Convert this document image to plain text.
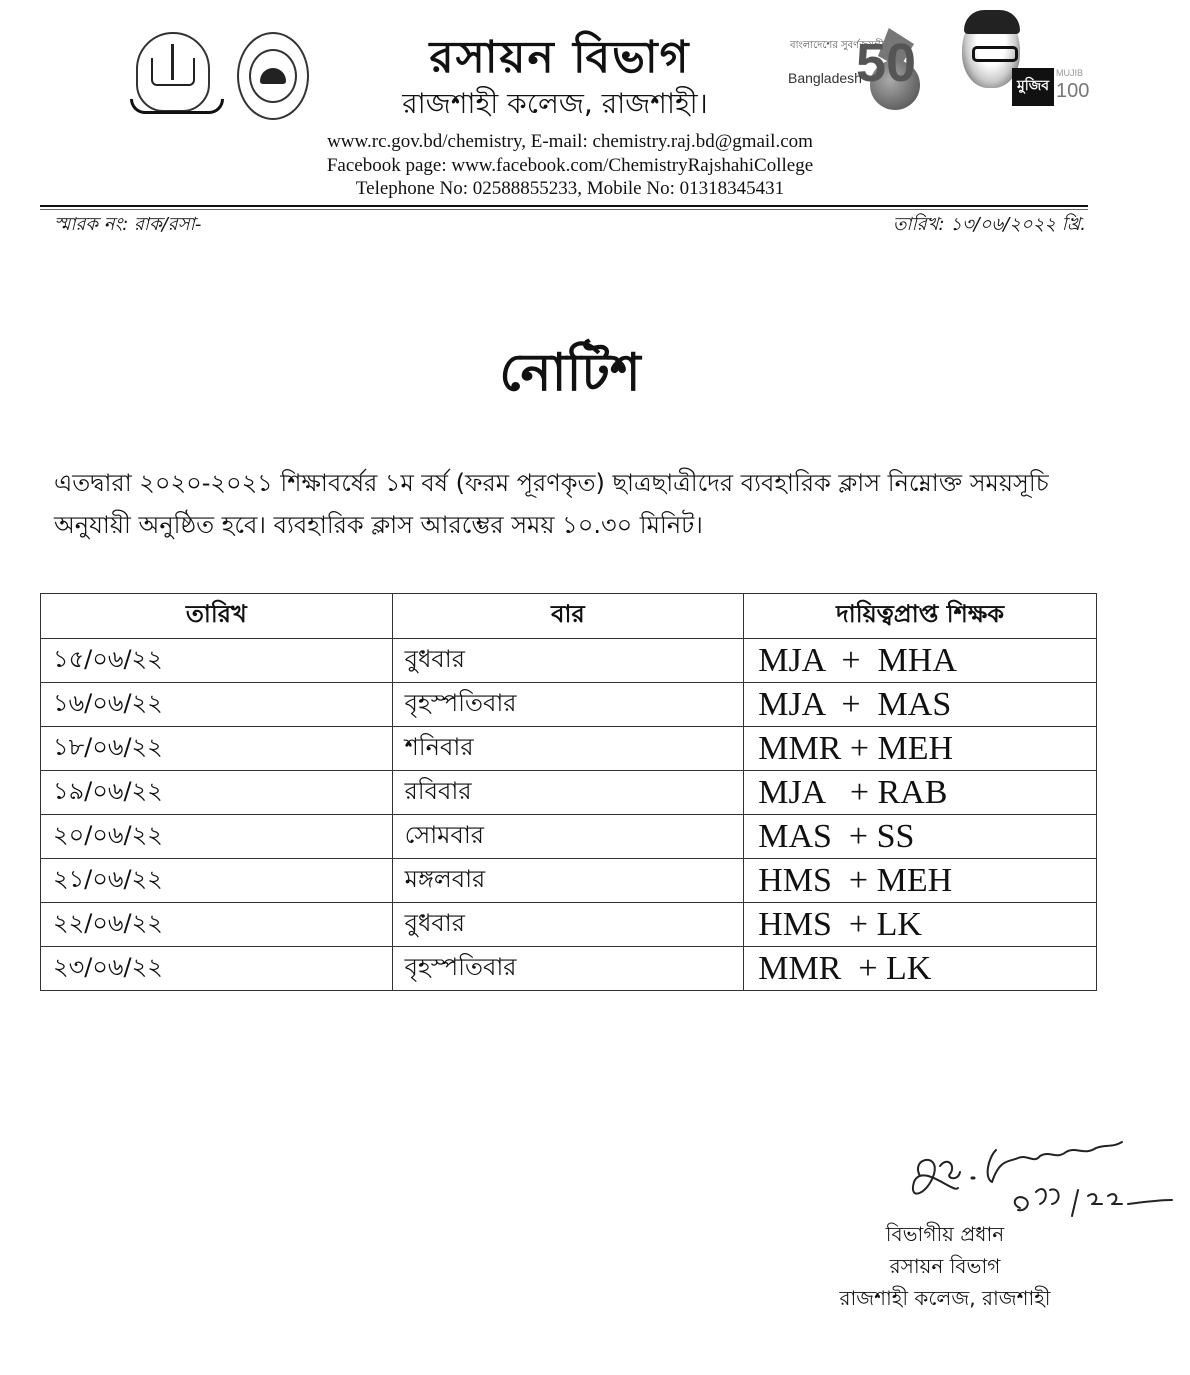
রসায়ন বিভাগ
রাজশাহী কলেজ, রাজশাহী।
বাংলাদেশের সুবর্ণজয়ন্তী
50
Bangladesh	মুজিব বর্ষ
MUJIB
100
www.rc.gov.bd/chemistry, E-mail: chemistry.raj.bd@gmail.com
Facebook page: www.facebook.com/ChemistryRajshahiCollege
Telephone No: 02588855233, Mobile No: 01318345431
স্মারক নং: রাক/রসা-	তারিখ: ১৩/০৬/২০২২ খ্রি.
নোটিশ
এতদ্বারা ২০২০-২০২১ শিক্ষাবর্ষের ১ম বর্ষ (ফরম পূরণকৃত) ছাত্রছাত্রীদের ব্যবহারিক ক্লাস নিম্নোক্ত সময়সূচি অনুযায়ী অনুষ্ঠিত হবে। ব্যবহারিক ক্লাস আরম্ভের সময় ১০.৩০ মিনিট।
তারিখ	বার	দায়িত্বপ্রাপ্ত শিক্ষক
১৫/০৬/২২	বুধবার	MJA  +  MHA
১৬/০৬/২২	বৃহস্পতিবার	MJA  +  MAS
১৮/০৬/২২	শনিবার	MMR + MEH
১৯/০৬/২২	রবিবার	MJA   + RAB
২০/০৬/২২	সোমবার	MAS  + SS
২১/০৬/২২	মঙ্গলবার	HMS  + MEH
২২/০৬/২২	বুধবার	HMS  + LK
২৩/০৬/২২	বৃহস্পতিবার	MMR  + LK
বিভাগীয় প্রধান
রসায়ন বিভাগ
রাজশাহী কলেজ, রাজশাহী
